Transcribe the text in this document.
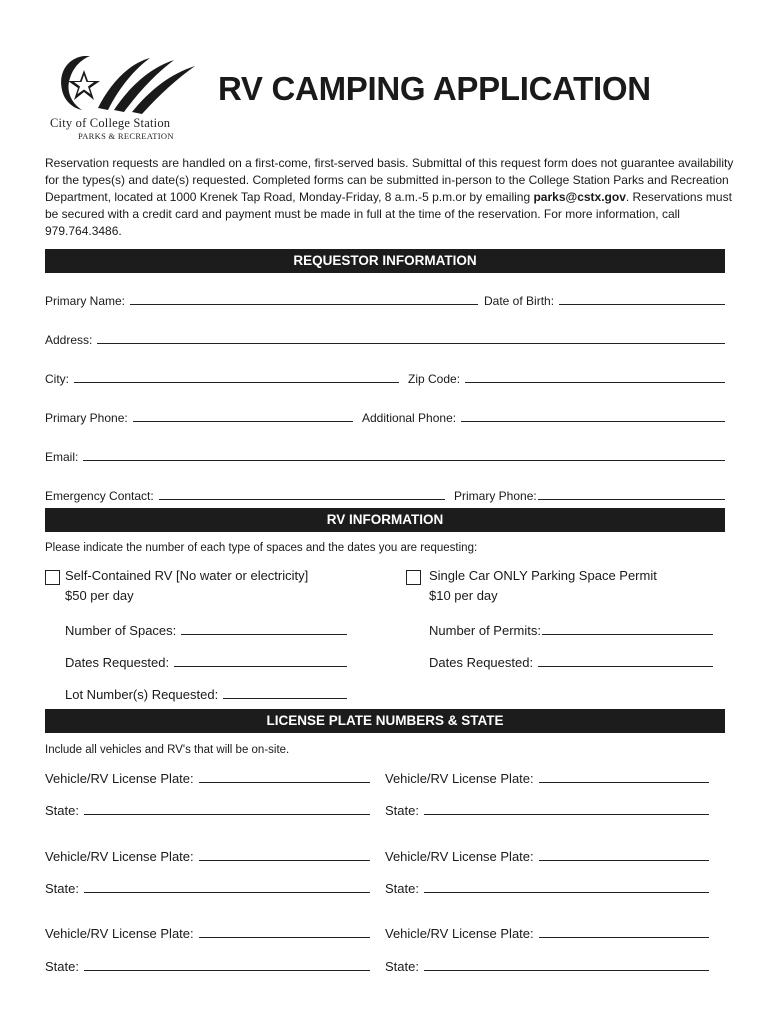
City of College Station
PARKS & RECREATION
RV CAMPING APPLICATION

Reservation requests are handled on a first-come, first-served basis. Submittal of this request form does not guarantee availability for the types(s) and date(s) requested. Completed forms can be submitted in-person to the College Station Parks and Recreation Department, located at 1000 Krenek Tap Road, Monday-Friday, 8 a.m.-5 p.m.or by emailing parks@cstx.gov. Reservations must be secured with a credit card and payment must be made in full at the time of the reservation. For more information, call 979.764.3486.

REQUESTOR INFORMATION
Primary Name:	Date of Birth:
Address:
City:	Zip Code:
Primary Phone:	Additional Phone:
Email:
Emergency Contact:	Primary Phone:
RV INFORMATION
Please indicate the number of each type of spaces and the dates you are requesting:
Self-Contained RV [No water or electricity]
$50 per day
Single Car ONLY Parking Space Permit
$10 per day
Number of Spaces:	Number of Permits:
Dates Requested:	Dates Requested:
Lot Number(s) Requested:
LICENSE PLATE NUMBERS & STATE
Include all vehicles and RV's that will be on-site.
Vehicle/RV License Plate:	Vehicle/RV License Plate:
State:	State:
Vehicle/RV License Plate:	Vehicle/RV License Plate:
State:	State:
Vehicle/RV License Plate:	Vehicle/RV License Plate:
State:	State:
